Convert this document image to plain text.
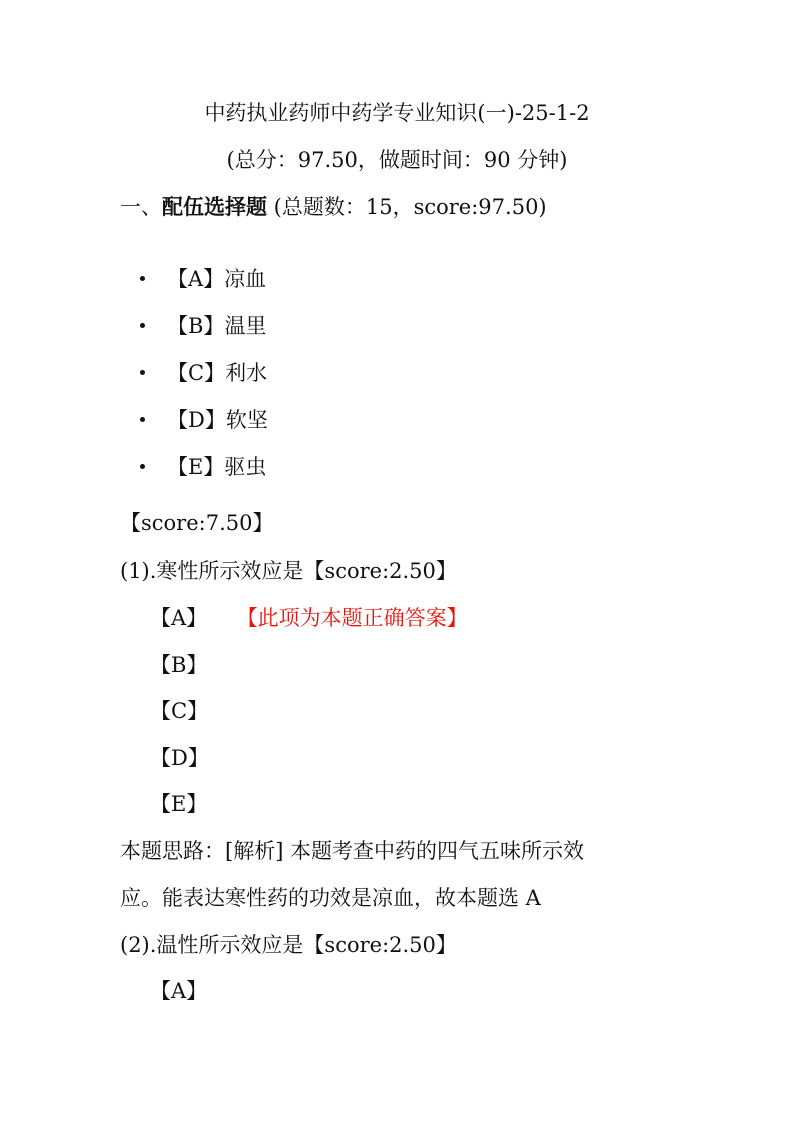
中药执业药师中药学专业知识(一)-25-1-2
(总分：97.50，做题时间：90 分钟)
一、配伍选择题 (总题数：15，score:97.50)
【A】 凉血
【B】 温里
【C】 利水
【D】 软坚
【E】 驱虫
【score:7.50】
(1).寒性所示效应是【score:2.50】
【A】 【此项为本题正确答案】
【B】
【C】
【D】
【E】
本题思路：[解析] 本题考查中药的四气五味所示效
应。能表达寒性药的功效是凉血，故本题选 A
(2).温性所示效应是【score:2.50】
【A】
